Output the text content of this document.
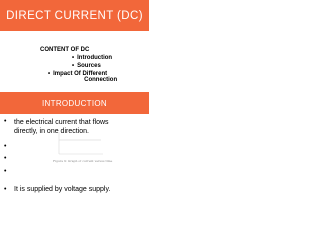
DIRECT CURRENT (DC)
CONTENT OF DC
• Introduction
• Sources
• Impact Of Different
Connection
INTRODUCTION
•	the electrical current that flows
directly, in one direction.
•
•
•
•	It is supplied by voltage supply.
Figure 9: Graph of current versus time
